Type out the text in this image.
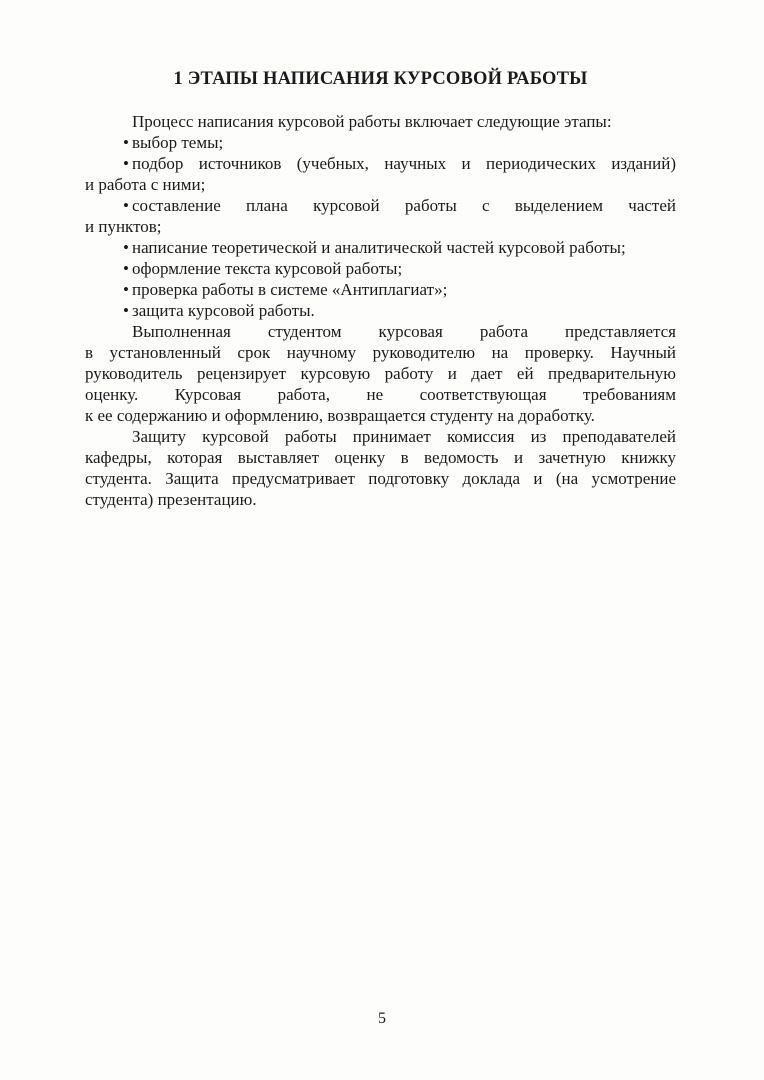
1 ЭТАПЫ НАПИСАНИЯ КУРСОВОЙ РАБОТЫ
Процесс написания курсовой работы включает следующие этапы:
• выбор темы;
• подбор источников (учебных, научных и периодических изданий)
и работа с ними;
• составление плана курсовой работы с выделением частей
и пунктов;
• написание теоретической и аналитической частей курсовой работы;
• оформление текста курсовой работы;
• проверка работы в системе «Антиплагиат»;
• защита курсовой работы.
Выполненная студентом курсовая работа представляется
в установленный срок научному руководителю на проверку. Научный
руководитель рецензирует курсовую работу и дает ей предварительную
оценку. Курсовая работа, не соответствующая требованиям
к ее содержанию и оформлению, возвращается студенту на доработку.
Защиту курсовой работы принимает комиссия из преподавателей
кафедры, которая выставляет оценку в ведомость и зачетную книжку
студента. Защита предусматривает подготовку доклада и (на усмотрение
студента) презентацию.
5
